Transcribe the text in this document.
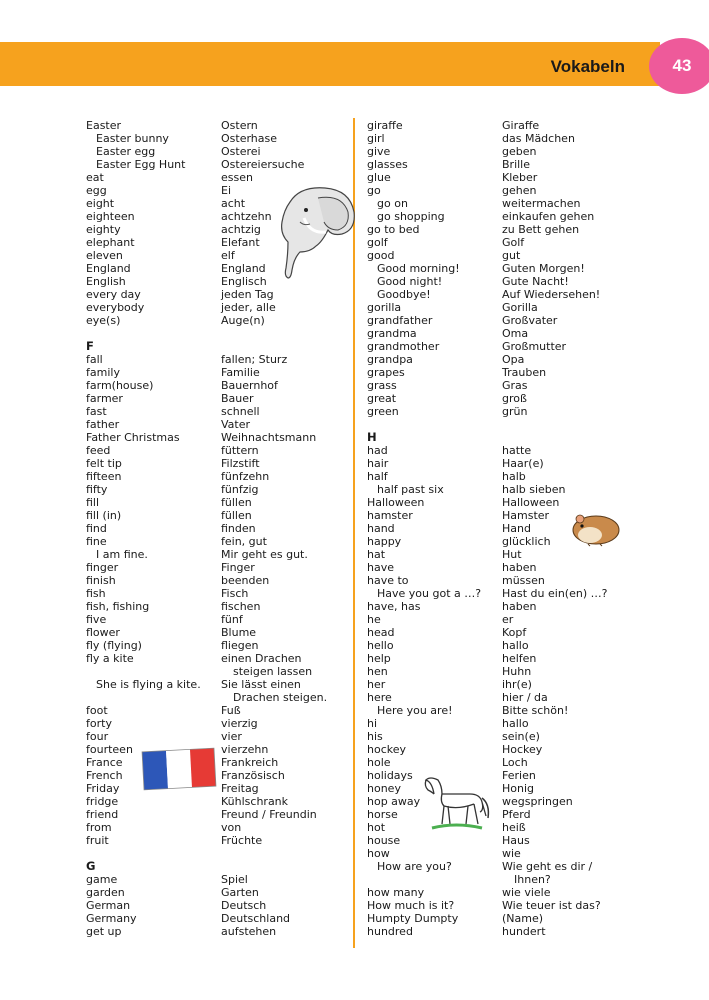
Vokabeln	43
Easter	Ostern
Easter bunny	Osterhase
Easter egg	Osterei
Easter Egg Hunt	Ostereiersuche
eat	essen
egg	Ei
eight	acht
eighteen	achtzehn
eighty	achtzig
elephant	Elefant
eleven	elf
England	England
English	Englisch
every day	jeden Tag
everybody	jeder, alle
eye(s)	Auge(n)
F
fall	fallen; Sturz
family	Familie
farm(house)	Bauernhof
farmer	Bauer
fast	schnell
father	Vater
Father Christmas	Weihnachtsmann
feed	füttern
felt tip	Filzstift
fifteen	fünfzehn
fifty	fünfzig
fill	füllen
fill (in)	füllen
find	finden
fine	fein, gut
I am fine.	Mir geht es gut.
finger	Finger
finish	beenden
fish	Fisch
fish, fishing	fischen
five	fünf
flower	Blume
fly (flying)	fliegen
fly a kite	einen Drachen
steigen lassen
She is flying a kite.	Sie lässt einen
Drachen steigen.
foot	Fuß
forty	vierzig
four	vier
fourteen	vierzehn
France	Frankreich
French	Französisch
Friday	Freitag
fridge	Kühlschrank
friend	Freund / Freundin
from	von
fruit	Früchte
G
game	Spiel
garden	Garten
German	Deutsch
Germany	Deutschland
get up	aufstehen
giraffe	Giraffe
girl	das Mädchen
give	geben
glasses	Brille
glue	Kleber
go	gehen
go on	weitermachen
go shopping	einkaufen gehen
go to bed	zu Bett gehen
golf	Golf
good	gut
Good morning!	Guten Morgen!
Good night!	Gute Nacht!
Goodbye!	Auf Wiedersehen!
gorilla	Gorilla
grandfather	Großvater
grandma	Oma
grandmother	Großmutter
grandpa	Opa
grapes	Trauben
grass	Gras
great	groß
green	grün
H
had	hatte
hair	Haar(e)
half	halb
half past six	halb sieben
Halloween	Halloween
hamster	Hamster
hand	Hand
happy	glücklich
hat	Hut
have	haben
have to	müssen
Have you got a …?	Hast du ein(en) …?
have, has	haben
he	er
head	Kopf
hello	hallo
help	helfen
hen	Huhn
her	ihr(e)
here	hier / da
Here you are!	Bitte schön!
hi	hallo
his	sein(e)
hockey	Hockey
hole	Loch
holidays	Ferien
honey	Honig
hop away	wegspringen
horse	Pferd
hot	heiß
house	Haus
how	wie
How are you?	Wie geht es dir /
Ihnen?
how many	wie viele
How much is it?	Wie teuer ist das?
Humpty Dumpty	(Name)
hundred	hundert
